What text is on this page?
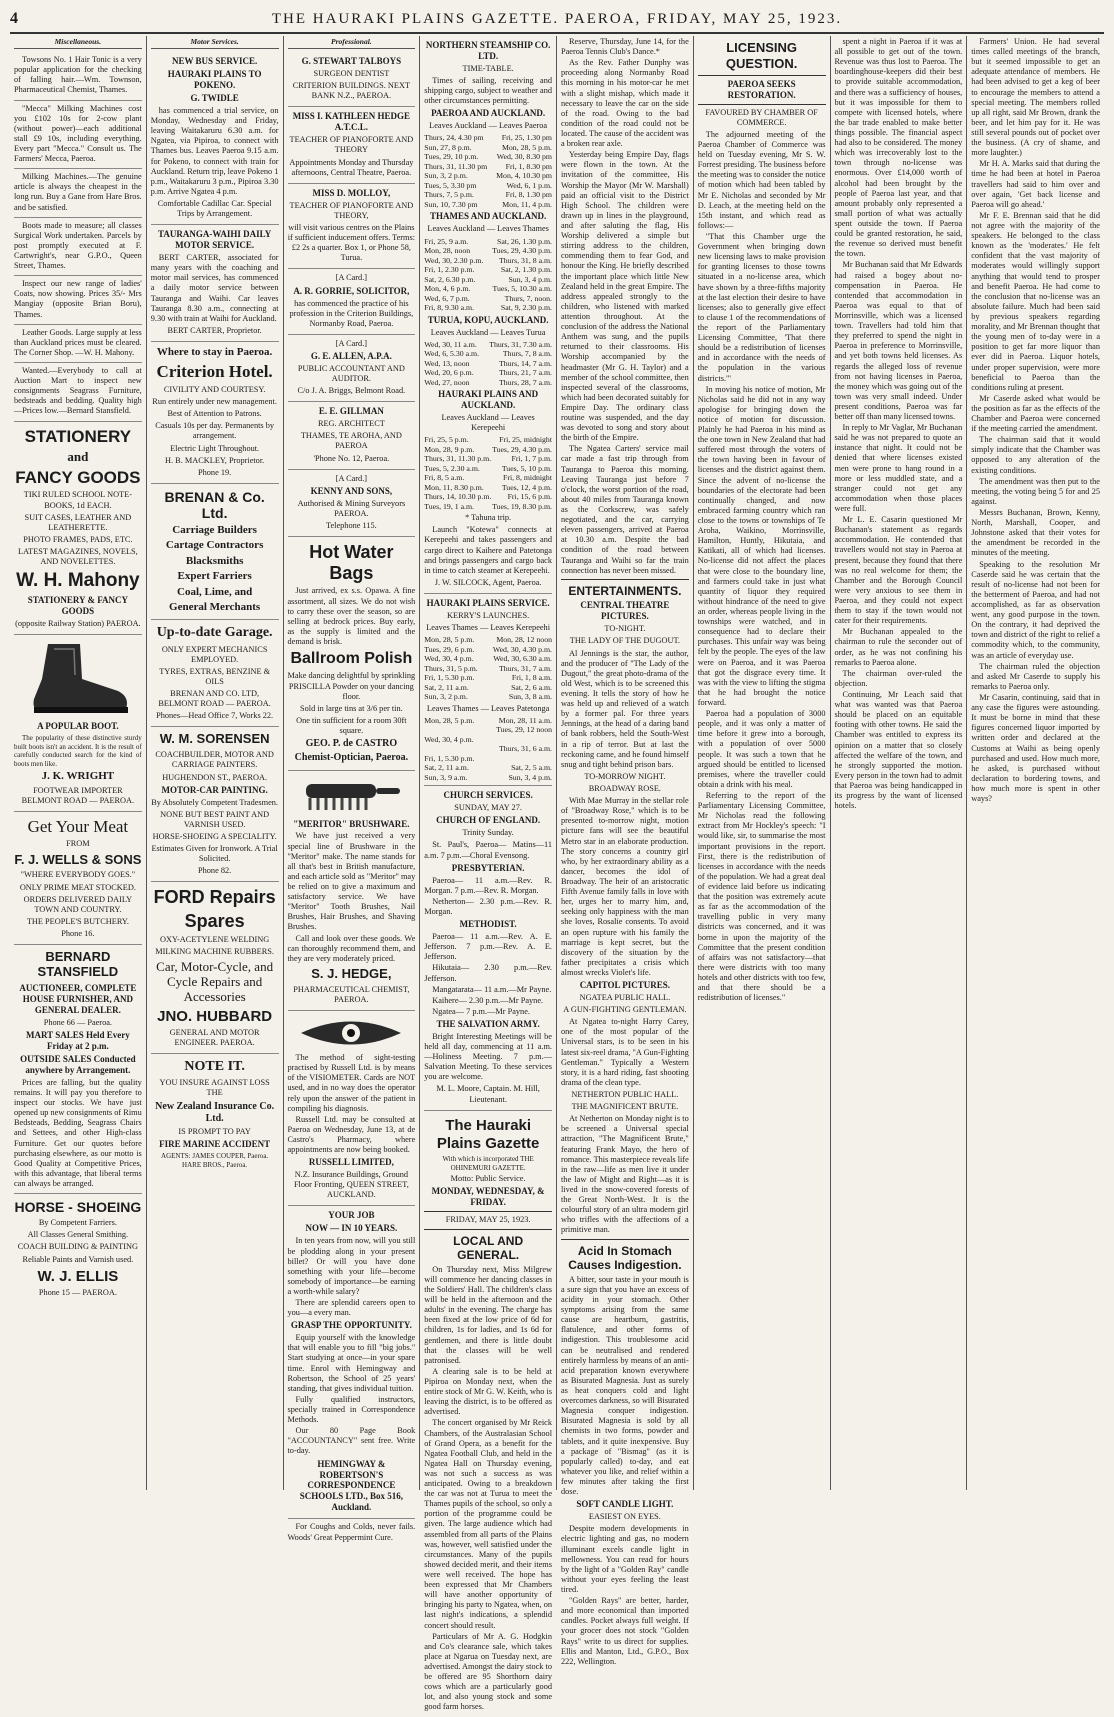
4	THE HAURAKI PLAINS GAZETTE. PAEROA, FRIDAY, MAY 25, 1923.
Miscellaneous.

Towsons No. 1 Hair Tonic is a very popular application for the checking of falling hair.—Wm. Townson, Pharmaceutical Chemist, Thames.

"Mecca" Milking Machines cost you £102 10s for 2-cow plant (without power)—each additional stall £9 10s, including everything. Every part "Mecca." Consult us. The Farmers' Mecca, Paeroa.

Milking Machines.—The genuine article is always the cheapest in the long run. Buy a Gane from Hare Bros. and be satisfied.

Boots made to measure; all classes Surgical Work undertaken. Parcels by post promptly executed at F. Cartwright's, near G.P.O., Queen Street, Thames.

Inspect our new range of ladies' Coats, now showing. Prices 35/- Mrs Mangiay (opposite Brian Boru), Thames.

Leather Goods. Large supply at less than Auckland prices must be cleared. The Corner Shop. —W. H. Mahony.

Wanted.—Everybody to call at Auction Mart to inspect new consignments Seagrass Furniture, bedsteads and bedding. Quality high—Prices low.—Bernard Stansfield.

STATIONERY
and
FANCY GOODS
TIKI RULED SCHOOL NOTE-BOOKS, 1d EACH.
SUIT CASES, LEATHER AND LEATHERETTE.
PHOTO FRAMES, PADS, ETC.
LATEST MAGAZINES, NOVELS, AND NOVELETTES.
W. H. Mahony
STATIONERY & FANCY GOODS
(opposite Railway Station) PAEROA.
A POPULAR BOOT.

The popularity of these distinctive sturdy built boots isn't an accident. It is the result of carefully conducted search for the kind of boots men like.

J. K. WRIGHT
FOOTWEAR IMPORTER BELMONT ROAD — PAEROA.
Get Your Meat
FROM
F. J. WELLS & SONS
"WHERE EVERYBODY GOES."
ONLY PRIME MEAT STOCKED.
ORDERS DELIVERED DAILY TOWN AND COUNTRY.
THE PEOPLE'S BUTCHERY.
Phone 16.
BERNARD STANSFIELD
AUCTIONEER, COMPLETE HOUSE FURNISHER, AND GENERAL DEALER.
Phone 66 — Paeroa.
MART SALES Held Every Friday at 2 p.m.
OUTSIDE SALES Conducted anywhere by Arrangement.

Prices are falling, but the quality remains. It will pay you therefore to inspect our stocks. We have just opened up new consignments of Rimu Bedsteads, Bedding, Seagrass Chairs and Settees, and other High-class Furniture. Get our quotes before purchasing elsewhere, as our motto is Good Quality at Competitive Prices, with this advantage, that liberal terms can always be arranged.

HORSE - SHOEING
By Competent Farriers.
All Classes General Smithing.
COACH BUILDING & PAINTING
Reliable Paints and Varnish used.
W. J. ELLIS
Phone 15 — PAEROA.
Motor Services.
NEW BUS SERVICE.
HAURAKI PLAINS TO POKENO.
G. TWIDLE

has commenced a trial service, on Monday, Wednesday and Friday, leaving Waitakaruru 6.30 a.m. for Ngatea, via Pipiroa, to connect with Thames bus. Leaves Paeroa 9.15 a.m. for Pokeno, to connect with train for Auckland. Return trip, leave Pokeno 1 p.m., Waitakaruru 3 p.m., Pipiroa 3.30 p.m. Arrive Ngatea 4 p.m.

Comfortable Cadillac Car. Special Trips by Arrangement.
TAURANGA-WAIHI DAILY MOTOR SERVICE.

BERT CARTER, associated for many years with the coaching and motor mail services, has commenced a daily motor service between Tauranga and Waihi. Car leaves Tauranga 8.30 a.m., connecting at 9.30 with train at Waihi for Auckland.

BERT CARTER, Proprietor.
Where to stay in Paeroa.
Criterion Hotel.
CIVILITY AND COURTESY.
Run entirely under new management.
Best of Attention to Patrons.
Casuals 10s per day. Permanents by arrangement.
Electric Light Throughout.
H. B. MACKLEY, Proprietor.
Phone 19.
BRENAN & Co. Ltd.
Carriage Builders
Cartage Contractors
Blacksmiths
Expert Farriers
Coal, Lime, and
General Merchants
Up-to-date Garage.
ONLY EXPERT MECHANICS EMPLOYED.
TYRES, EXTRAS, BENZINE & OILS
BRENAN AND CO. LTD, BELMONT ROAD — PAEROA.
Phones—Head Office 7, Works 22.
W. M. SORENSEN
COACHBUILDER, MOTOR AND CARRIAGE PAINTERS.
HUGHENDON ST., PAEROA.
MOTOR-CAR PAINTING.
By Absolutely Competent Tradesmen.
NONE BUT BEST PAINT AND VARNISH USED.
HORSE-SHOEING A SPECIALITY.
Estimates Given for Ironwork. A Trial Solicited.
Phone 82.
FORD Repairs
Spares
OXY-ACETYLENE WELDING
MILKING MACHINE RUBBERS.
Car, Motor-Cycle, and Cycle Repairs and Accessories
JNO. HUBBARD
GENERAL AND MOTOR ENGINEER. PAEROA.
NOTE IT.
YOU INSURE AGAINST LOSS THE
New Zealand Insurance Co. Ltd.
IS PROMPT TO PAY
FIRE MARINE ACCIDENT
AGENTS: JAMES COUPER, Paeroa. HARE BROS., Paeroa.
Professional.
G. STEWART TALBOYS
SURGEON DENTIST
CRITERION BUILDINGS. NEXT BANK N.Z., PAEROA.
MISS I. KATHLEEN HEDGE A.T.C.L.
TEACHER OF PIANOFORTE AND THEORY
Appointments Monday and Thursday afternoons, Central Theatre, Paeroa.
MISS D. MOLLOY,
TEACHER OF PIANOFORTE AND THEORY,
will visit various centres on the Plains if sufficient inducement offers. Terms: £2 2s a quarter. Box 1, or Phone 58, Turua.
[A Card.]
A. R. GORRIE, SOLICITOR,
has commenced the practice of his profession in the Criterion Buildings, Normanby Road, Paeroa.
[A Card.]
G. E. ALLEN, A.P.A.
PUBLIC ACCOUNTANT AND AUDITOR.
C/o J. A. Briggs, Belmont Road.
E. E. GILLMAN
REG. ARCHITECT
THAMES, TE AROHA, AND PAEROA
'Phone No. 12, Paeroa.
[A Card.]
KENNY AND SONS,
Authorised & Mining Surveyors PAEROA.
Telephone 115.
Hot Water Bags

Just arrived, ex s.s. Opawa. A fine assortment, all sizes. We do not wish to carry these over the season, so are selling at bedrock prices. Buy early, as the supply is limited and the demand is brisk.

Ballroom Polish

Make dancing delightful by sprinkling PRISCILLA Powder on your dancing floor.

Sold in large tins at 3/6 per tin.
One tin sufficient for a room 30ft square.
GEO. P. de CASTRO
Chemist-Optician, Paeroa.
"MERITOR" BRUSHWARE.

We have just received a very special line of Brushware in the "Meritor" make. The name stands for all that's best in British manufacture, and each article sold as "Meritor" may be relied on to give a maximum and satisfactory service. We have "Meritor" Tooth Brushes, Nail Brushes, Hair Brushes, and Shaving Brushes.

Call and look over these goods. We can thoroughly recommend them, and they are very moderately priced.

S. J. HEDGE,
PHARMACEUTICAL CHEMIST, PAEROA.

The method of sight-testing practised by Russell Ltd. is by means of the VISIOMETER. Cards are NOT used, and in no way does the operator rely upon the answer of the patient in compiling his diagnosis.

Russell Ltd. may be consulted at Paeroa on Wednesday, June 13, at de Castro's Pharmacy, where appointments are now being booked.

RUSSELL LIMITED,
N.Z. Insurance Buildings, Ground Floor Fronting, QUEEN STREET, AUCKLAND.
YOUR JOB
NOW — IN 10 YEARS.

In ten years from now, will you still be plodding along in your present billet? Or will you have done something with your life—become somebody of importance—be earning a worth-while salary?

There are splendid careers open to you—a every man.

GRASP THE OPPORTUNITY.

Equip yourself with the knowledge that will enable you to fill "big jobs." Start studying at once—in your spare time. Enrol with Hemingway and Robertson, the School of 25 years' standing, that gives individual tuition.

Fully qualified instructors, specially trained in Correspondence Methods.

Our 80 Page Book "ACCOUNTANCY" sent free. Write to-day.

HEMINGWAY & ROBERTSON'S CORRESPONDENCE SCHOOLS LTD., Box 516, Auckland.

For Coughs and Colds, never fails. Woods' Great Peppermint Cure.

NORTHERN STEAMSHIP CO. LTD.
TIME-TABLE.

Times of sailing, receiving and shipping cargo, subject to weather and other circumstances permitting.

PAEROA AND AUCKLAND.
Leaves Auckland — Leaves Paeroa
Thurs, 24, 4.30 pm Fri, 25, 1.30 pm
Sun, 27, 8 p.m.	Mon, 28, 5 p.m.
Tues, 29, 10 p.m. Wed, 30, 8.30 pm
Thurs, 31, 11.30 pm Fri, 1, 8.30 pm
Sun, 3, 2 p.m.	Mon, 4, 10.30 pm
Tues, 5, 3.30 pm	Wed, 6, 1 p.m.
Thurs, 7, 5 p.m.	Fri, 8, 1.30 pm
Sun, 10, 7.30 pm	Mon, 11, 4 p.m.
THAMES AND AUCKLAND.
Leaves Auckland — Leaves Thames
Fri, 25, 9 a.m.	Sat, 26, 1.30 p.m.
Mon, 28, noon	Tues, 29, 4.30 p.m.
Wed, 30, 2.30 p.m. Thurs, 31, 8 a.m.
Fri, 1, 2.30 p.m.	Sat, 2, 1.30 p.m.
Sat, 2, 6.30 p.m.	Sun, 3, 4 p.m.
Mon, 4, 6 p.m.	Tues, 5, 10.30 a.m.
Wed, 6, 7 p.m.	Thurs, 7, noon.
Fri, 8, 9.30 a.m.	Sat, 9, 2.30 p.m.
TURUA, KOPU, AUCKLAND.
Leaves Auckland — Leaves Turua
Wed, 30, 11 a.m. Thurs, 31, 7.30 a.m.
Wed, 6, 5.30 a.m.	Thurs, 7, 8 a.m.
Wed, 13, noon	Thurs, 14, 7 a.m.
Wed, 20, 6 p.m.	Thurs, 21, 7 a.m.
Wed, 27, noon	Thurs, 28, 7 a.m.
HAURAKI PLAINS AND AUCKLAND.
Leaves Auckland — Leaves Kerepeehi
Fri, 25, 5 p.m.	Fri, 25, midnight
Mon, 28, 9 p.m. Tues, 29, 4.30 p.m.
Thurs, 31, 11.30 p.m.	Fri, 1, 7 p.m.
Tues, 5, 2.30 a.m.	Tues, 5, 10 p.m.
Fri, 8, 5 a.m.	Fri, 8, midnight
Mon, 11, 8.30 p.m. Tues, 12, 4 p.m.
Thurs, 14, 10.30 p.m. Fri, 15, 6 p.m.
Tues, 19, 1 a.m. Tues, 19, 8.30 p.m.
* Tahuna trip.

Launch "Kotewa" connects at Kerepeehi and takes passengers and cargo direct to Kaihere and Patetonga and brings passengers and cargo back in time to catch steamer at Kerepeehi.

J. W. SILCOCK, Agent, Paeroa.
HAURAKI PLAINS SERVICE.
KERRY'S LAUNCHES.
Leaves Thames — Leaves Kerepeehi
Mon, 28, 5 p.m.	Mon, 28, 12 noon
Tues, 29, 6 p.m. Wed, 30, 4.30 p.m.
Wed, 30, 4 p.m.	Wed, 30, 6.30 a.m.
Thurs, 31, 5 p.m.	Thurs, 31, 7 a.m.
Fri, 1, 5.30 p.m.	Fri, 1, 8 a.m.
Sat, 2, 11 a.m.	Sat, 2, 6 a.m.
Sun, 3, 2 p.m.	Sun, 3, 8 a.m.
Leaves Thames — Leaves Patetonga
Mon, 28, 5 p.m.	Mon, 28, 11 a.m.
Tues, 29, 12 noon
Wed, 30, 4 p.m.
Thurs, 31, 6 a.m.
Fri, 1, 5.30 p.m.
Sat, 2, 11 a.m.	Sat, 2, 5 a.m.
Sun, 3, 9 a.m.	Sun, 3, 4 p.m.
CHURCH SERVICES.
SUNDAY, MAY 27.
CHURCH OF ENGLAND.
Trinity Sunday.

St. Paul's, Paeroa— Matins—11 a.m. 7 p.m.—Choral Evensong.

PRESBYTERIAN.

Paeroa— 11 a.m.—Rev. R. Morgan. 7 p.m.—Rev. R. Morgan.

Netherton— 2.30 p.m.—Rev. R. Morgan.

METHODIST.

Paeroa— 11 a.m.—Rev. A. E. Jefferson. 7 p.m.—Rev. A. E. Jefferson.

Hikutaia— 2.30 p.m.—Rev. Jefferson.

Mangatarata— 11 a.m.—Mr Payne.

Kaihere— 2.30 p.m.—Mr Payne.

Ngatea— 7 p.m.—Mr Payne.

THE SALVATION ARMY.

Bright Interesting Meetings will be held all day, commencing at 11 a.m.—Holiness Meeting. 7 p.m.—Salvation Meeting. To these services you are welcome.

M. L. Moore, Captain. M. Hill, Lieutenant.
The Hauraki Plains Gazette
With which is incorporated THE OHINEMURI GAZETTE.
Motto: Public Service.
MONDAY, WEDNESDAY, & FRIDAY.
FRIDAY, MAY 25, 1923.
LOCAL AND GENERAL.

On Thursday next, Miss Milgrew will commence her dancing classes in the Soldiers' Hall. The children's class will be held in the afternoon and the adults' in the evening. The charge has been fixed at the low price of 6d for children, 1s for ladies, and 1s 6d for gentlemen, and there is little doubt that the classes will be well patronised.

A clearing sale is to be held at Pipiroa on Monday next, when the entire stock of Mr G. W. Keith, who is leaving the district, is to be offered as advertised.

The concert organised by Mr Reick Chambers, of the Australasian School of Grand Opera, as a benefit for the Ngatea Football Club, and held in the Ngatea Hall on Thursday evening, was not such a success as was anticipated. Owing to a breakdown the car was not at Turua to meet the Thames pupils of the school, so only a portion of the programme could be given. The large audience which had assembled from all parts of the Plains was, however, well satisfied under the circumstances. Many of the pupils showed decided merit, and their items were well received. The hope has been expressed that Mr Chambers will have another opportunity of bringing his party to Ngatea, when, on last night's indications, a splendid concert should result.

Particulars of Mr A. G. Hodgkin and Co's clearance sale, which takes place at Ngarua on Tuesday next, are advertised. Amongst the dairy stock to be offered are 95 Shorthorn dairy cows which are a particularly good lot, and also young stock and some good farm horses.

Reserve, Thursday, June 14, for the Paeroa Tennis Club's Dance.*

As the Rev. Father Dunphy was proceeding along Normanby Road this morning in his motor-car he met with a slight mishap, which made it necessary to leave the car on the side of the road. Owing to the bad condition of the road could not be located. The cause of the accident was a broken rear axle.

Yesterday being Empire Day, flags were flown in the town. At the invitation of the committee, His Worship the Mayor (Mr W. Marshall) paid an official visit to the District High School. The children were drawn up in lines in the playground, and after saluting the flag, His Worship delivered a simple but stirring address to the children, commending them to fear God, and honour the King. He briefly described the important place which little New Zealand held in the great Empire. The address appealed strongly to the children, who listened with marked attention throughout. At the conclusion of the address the National Anthem was sung, and the pupils returned to their classrooms. His Worship accompanied by the headmaster (Mr G. H. Taylor) and a member of the school committee, then inspected several of the classrooms, which had been decorated suitably for Empire Day. The ordinary class routine was suspended, and the day was devoted to song and story about the birth of the Empire.

The Ngatea Carters' service mail car made a fast trip through from Tauranga to Paeroa this morning. Leaving Tauranga just before 7 o'clock, the worst portion of the road, about 40 miles from Tauranga known as the Corkscrew, was safely negotiated, and the car, carrying eleven passengers, arrived at Paeroa at 10.30 a.m. Despite the bad condition of the road between Tauranga and Waihi so far the train connection has never been missed.

ENTERTAINMENTS.
CENTRAL THEATRE PICTURES.
TO-NIGHT.
THE LADY OF THE DUGOUT.

Al Jennings is the star, the author, and the producer of "The Lady of the Dugout," the great photo-drama of the old West, which is to be screened this evening. It tells the story of how he was held up and relieved of a watch by a former pal. For three years Jennings, at the head of a daring band of bank robbers, held the South-West in a rip of terror. But at last the reckoning came, and he found himself snug and tight behind prison bars.

TO-MORROW NIGHT.
BROADWAY ROSE.

With Mae Murray in the stellar role of "Broadway Rose," which is to be presented to-morrow night, motion picture fans will see the beautiful Metro star in an elaborate production. The story concerns a country girl who, by her extraordinary ability as a dancer, becomes the idol of Broadway. The heir of an aristocratic Fifth Avenue family falls in love with her, urges her to marry him, and, seeking only happiness with the man she loves, Rosalie consents. To avoid an open rupture with his family the marriage is kept secret, but the discovery of the situation by the father precipitates a crisis which almost wrecks Violet's life.

CAPITOL PICTURES.
NGATEA PUBLIC HALL.
A GUN-FIGHTING GENTLEMAN.

At Ngatea to-night Harry Carey, one of the most popular of the Universal stars, is to be seen in his latest six-reel drama, "A Gun-Fighting Gentleman." Typically a Western story, it is a hard riding, fast shooting drama of the clean type.

NETHERTON PUBLIC HALL.
THE MAGNIFICENT BRUTE.

At Netherton on Monday night is to be screened a Universal special attraction, "The Magnificent Brute," featuring Frank Mayo, the hero of romance. This masterpiece reveals life in the raw—life as men live it under the law of Might and Right—as it is lived in the snow-covered forests of the Great North-West. It is the colourful story of an ultra modern girl who trifles with the affections of a primitive man.

Acid In Stomach Causes Indigestion.

A bitter, sour taste in your mouth is a sure sign that you have an excess of acidity in your stomach. Other symptoms arising from the same cause are heartburn, gastritis, flatulence, and other forms of indigestion. This troublesome acid can be neutralised and rendered entirely harmless by means of an anti-acid preparation known everywhere as Bisurated Magnesia. Just as surely as heat conquers cold and light overcomes darkness, so will Bisurated Magnesia conquer indigestion. Bisurated Magnesia is sold by all chemists in two forms, powder and tablets, and it quite inexpensive. Buy a package of "Bismag" (as it is popularly called) to-day, and eat whatever you like, and relief within a few minutes after taking the first dose.

SOFT CANDLE LIGHT.
EASIEST ON EYES.

Despite modern developments in electric lighting and gas, no modern illuminant excels candle light in mellowness. You can read for hours by the light of a "Golden Ray" candle without your eyes feeling the least tired.

"Golden Rays" are better, harder, and more economical than imported candles. Pocket always full weight. If your grocer does not stock "Golden Rays" write to us direct for supplies. Ellis and Manton, Ltd., G.P.O., Box 222, Wellington.

LICENSING QUESTION.
PAEROA SEEKS RESTORATION.
FAVOURED BY CHAMBER OF COMMERCE.

The adjourned meeting of the Paeroa Chamber of Commerce was held on Tuesday evening, Mr S. W. Forrest presiding. The business before the meeting was to consider the notice of motion which had been tabled by Mr E. Nicholas and seconded by Mr D. Leach, at the meeting held on the 15th instant, and which read as follows:—

"That this Chamber urge the Government when bringing down new licensing laws to make provision for granting licenses to those towns situated in a no-license area, which have shown by a three-fifths majority at the last election their desire to have licenses; also to generally give effect to clause 1 of the recommendations of the report of the Parliamentary Licensing Committee, 'That there should be a redistribution of licenses and in accordance with the needs of the population in the various districts.'"

In moving his notice of motion, Mr Nicholas said he did not in any way apologise for bringing down the notice of motion for discussion. Plainly he had Paeroa in his mind as the one town in New Zealand that had suffered most through the voters of the town having been in favour of licenses and the district against them. Since the advent of no-license the boundaries of the electorate had been continually changed, and now embraced farming country which ran close to the towns or townships of Te Aroha, Waikino, Morrinsville, Hamilton, Huntly, Hikutaia, and Katikati, all of which had licenses. No-license did not affect the places that were close to the boundary line, and farmers could take in just what quantity of liquor they required without hindrance of the need to give an order, whereas people living in the townships were watched, and in consequence had to declare their purchases. This unfair way was being felt by the people. The eyes of the law were on Paeroa, and it was Paeroa that got the disgrace every time. It was with the view to lifting the stigma that he had brought the notice forward.

Paeroa had a population of 3000 people, and it was only a matter of time before it grew into a borough, with a population of over 5000 people. It was such a town that he argued should be entitled to licensed premises, where the traveller could obtain a drink with his meal.

Referring to the report of the Parliamentary Licensing Committee, Mr Nicholas read the following extract from Mr Hockley's speech: "I would like, sir, to summarise the most important provisions in the report. First, there is the redistribution of licenses in accordance with the needs of the population. We had a great deal of evidence laid before us indicating that the position was extremely acute as far as the accommodation of the travelling public in very many districts was concerned, and it was borne in upon the majority of the Committee that the present condition of affairs was not satisfactory—that there were districts with too many hotels and other districts with too few, and that there should be a redistribution of licenses."

spent a night in Paeroa if it was at all possible to get out of the town. Revenue was thus lost to Paeroa. The boardinghouse-keepers did their best to provide suitable accommodation, and there was a sufficiency of houses, but it was impossible for them to compete with licensed hotels, where the bar trade enabled to make better things possible. The financial aspect had also to be considered. The money which was irrecoverably lost to the town through no-license was enormous. Over £14,000 worth of alcohol had been brought by the people of Paeroa last year, and that amount probably only represented a small portion of what was actually spent outside the town. If Paeroa could be granted restoration, he said, the revenue so derived must benefit the town.

Mr Buchanan said that Mr Edwards had raised a bogey about no-compensation in Paeroa. He contended that accommodation in Paeroa was equal to that of Morrinsville, which was a licensed town. Travellers had told him that they preferred to spend the night in Paeroa in preference to Morrinsville, and yet both towns held licenses. As regards the alleged loss of revenue from not having licenses in Paeroa, the money which was going out of the town was very small indeed. Under present conditions, Paeroa was far better off than many licensed towns.

In reply to Mr Vaglar, Mr Buchanan said he was not prepared to quote an instance that night. It could not be denied that where licenses existed men were prone to hang round in a more or less muddled state, and a stranger could not get any accommodation when those places were full.

Mr L. E. Casarin questioned Mr Buchanan's statement as regards accommodation. He contended that travellers would not stay in Paeroa at present, because they found that there was no real welcome for them; the Chamber and the Borough Council were very anxious to see them in Paeroa, and they could not expect them to stay if the town would not cater for their requirements.

Mr Buchanan appealed to the chairman to rule the seconder out of order, as he was not confining his remarks to Paeroa alone.

The chairman over-ruled the objection.

Continuing, Mr Leach said that what was wanted was that Paeroa should be placed on an equitable footing with other towns. He said the Chamber was entitled to express its opinion on a matter that so closely affected the welfare of the town, and he strongly supported the motion. Every person in the town had to admit that Paeroa was being handicapped in its progress by the want of licensed hotels.

Farmers' Union. He had several times called meetings of the branch, but it seemed impossible to get an adequate attendance of members. He had been advised to get a keg of beer to encourage the members to attend a special meeting. The members rolled up all right, said Mr Brown, drank the beer, and let him pay for it. He was still several pounds out of pocket over the business. (A cry of shame, and more laughter.)

Mr H. A. Marks said that during the time he had been at hotel in Paeroa travellers had said to him over and over again, 'Get back license and Paeroa will go ahead.'

Mr F. E. Brennan said that he did not agree with the majority of the speakers. He belonged to the class known as the 'moderates.' He felt confident that the vast majority of moderates would willingly support anything that would tend to prosper and benefit Paeroa. He had come to the conclusion that no-license was an absolute failure. Much had been said by previous speakers regarding morality, and Mr Brennan thought that the young men of to-day were in a position to get far more liquor than ever did in Paeroa. Liquor hotels, under proper supervision, were more beneficial to Paeroa than the conditions ruling at present.

Mr Caserde asked what would be the position as far as the effects of the Chamber and Paeroa were concerned if the meeting carried the amendment.

The chairman said that it would simply indicate that the Chamber was opposed to any alteration of the existing conditions.

The amendment was then put to the meeting, the voting being 5 for and 25 against.

Messrs Buchanan, Brown, Kenny, North, Marshall, Cooper, and Johnstone asked that their votes for the amendment be recorded in the minutes of the meeting.

Speaking to the resolution Mr Caserde said he was certain that the result of no-license had not been for the betterment of Paeroa, and had not accomplished, as far as observation went, any good purpose in the town. On the contrary, it had deprived the town and district of the right to relief a commodity which, to the community, was an article of everyday use.

The chairman ruled the objection and asked Mr Caserde to supply his remarks to Paeroa only.

Mr Casarin, continuing, said that in any case the figures were astounding. It must be borne in mind that these figures concerned liquor imported by written order and declared at the Customs at Waihi as being openly purchased and used. How much more, he asked, is purchased without declaration to bordering towns, and how much more is spent in other ways?
